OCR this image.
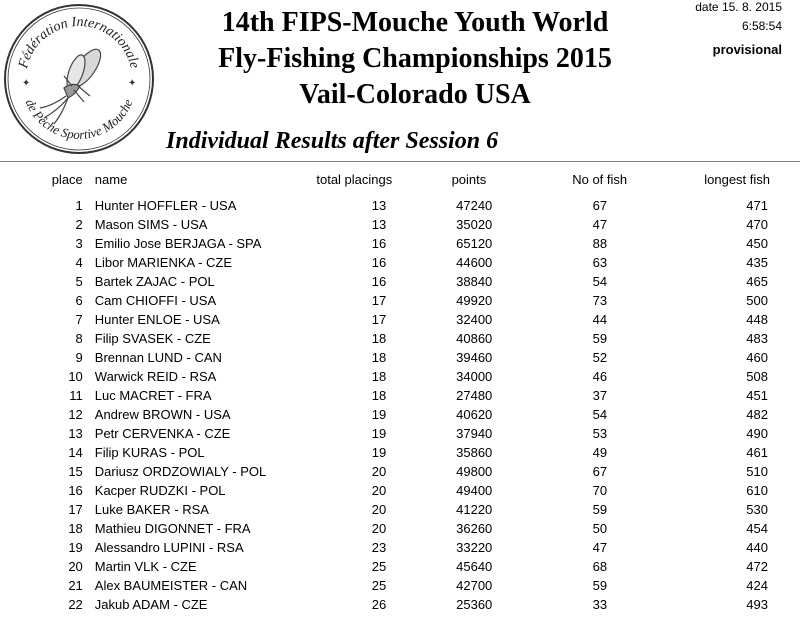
Fédération Internationale
de Pêche Sportive Mouche
✦	✦
14th FIPS-Mouche Youth World
Fly-Fishing Championships 2015
Vail-Colorado USA
Individual Results after Session 6
date 15. 8. 2015
6:58:54
provisional
place	name	total placings	points	No of fish	longest fish
1	Hunter HOFFLER - USA	13	47240	67	471
2	Mason SIMS - USA	13	35020	47	470
3	Emilio Jose BERJAGA - SPA	16	65120	88	450
4	Libor MARIENKA - CZE	16	44600	63	435
5	Bartek ZAJAC - POL	16	38840	54	465
6	Cam CHIOFFI - USA	17	49920	73	500
7	Hunter ENLOE - USA	17	32400	44	448
8	Filip SVASEK - CZE	18	40860	59	483
9	Brennan LUND - CAN	18	39460	52	460
10	Warwick REID - RSA	18	34000	46	508
11	Luc MACRET - FRA	18	27480	37	451
12	Andrew BROWN - USA	19	40620	54	482
13	Petr CERVENKA - CZE	19	37940	53	490
14	Filip KURAS - POL	19	35860	49	461
15	Dariusz ORDZOWIALY - POL	20	49800	67	510
16	Kacper RUDZKI - POL	20	49400	70	610
17	Luke BAKER - RSA	20	41220	59	530
18	Mathieu DIGONNET - FRA	20	36260	50	454
19	Alessandro LUPINI - RSA	23	33220	47	440
20	Martin VLK - CZE	25	45640	68	472
21	Alex BAUMEISTER - CAN	25	42700	59	424
22	Jakub ADAM - CZE	26	25360	33	493
